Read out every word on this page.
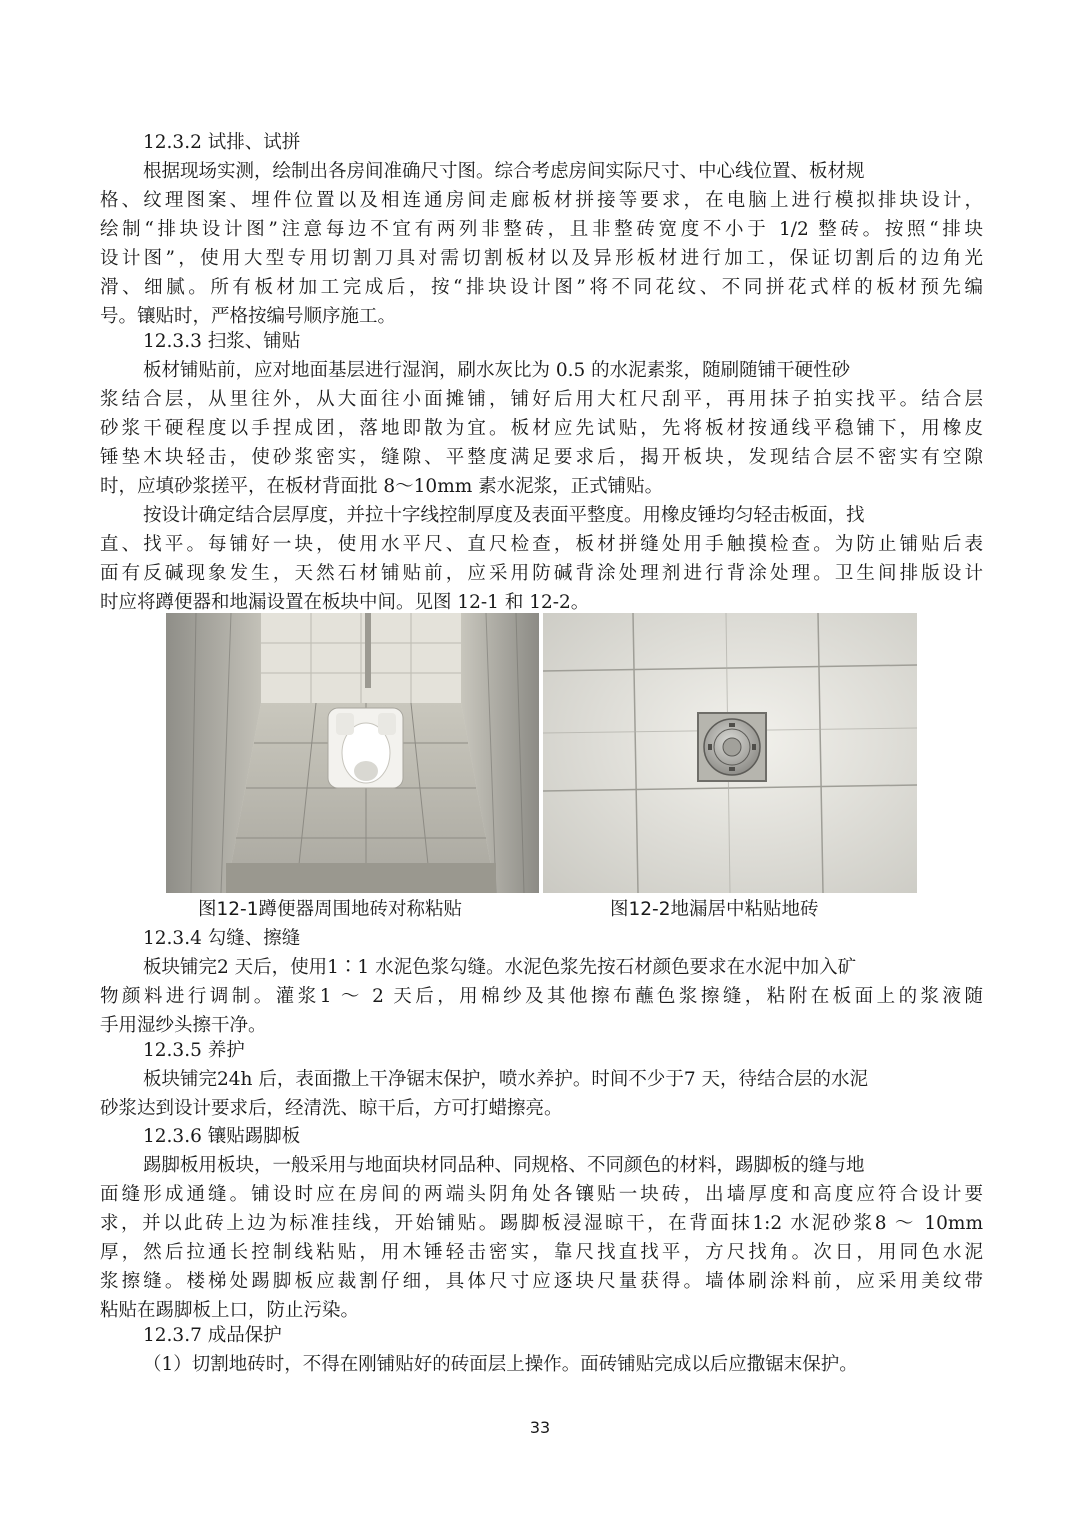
12.3.2 试排、试拼
根据现场实测，绘制出各房间准确尺寸图。综合考虑房间实际尺寸、中心线位置、板材规
格、纹理图案、埋件位置以及相连通房间走廊板材拼接等要求，在电脑上进行模拟排块设计，
绘制“排块设计图”注意每边不宜有两列非整砖，且非整砖宽度不小于 1/2 整砖。按照“排块
设计图”，使用大型专用切割刀具对需切割板材以及异形板材进行加工，保证切割后的边角光
滑、细腻。所有板材加工完成后，按“排块设计图”将不同花纹、不同拼花式样的板材预先编
号。镶贴时，严格按编号顺序施工。
12.3.3 扫浆、铺贴
板材铺贴前，应对地面基层进行湿润，刷水灰比为 0.5 的水泥素浆，随刷随铺干硬性砂
浆结合层，从里往外，从大面往小面摊铺，铺好后用大杠尺刮平，再用抹子拍实找平。结合层
砂浆干硬程度以手捏成团，落地即散为宜。板材应先试贴，先将板材按通线平稳铺下，用橡皮
锤垫木块轻击，使砂浆密实，缝隙、平整度满足要求后，揭开板块，发现结合层不密实有空隙
时，应填砂浆搓平，在板材背面批 8～10mm 素水泥浆，正式铺贴。
按设计确定结合层厚度，并拉十字线控制厚度及表面平整度。用橡皮锤均匀轻击板面，找
直、找平。每铺好一块，使用水平尺、直尺检查，板材拼缝处用手触摸检查。为防止铺贴后表
面有反碱现象发生，天然石材铺贴前，应采用防碱背涂处理剂进行背涂处理。卫生间排版设计
时应将蹲便器和地漏设置在板块中间。见图 12-1 和 12-2。
图12-1蹲便器周围地砖对称粘贴	图12-2地漏居中粘贴地砖
12.3.4 勾缝、擦缝
板块铺完2 天后，使用1∶1 水泥色浆勾缝。水泥色浆先按石材颜色要求在水泥中加入矿
物颜料进行调制。灌浆1 ～ 2 天后，用棉纱及其他擦布蘸色浆擦缝，粘附在板面上的浆液随
手用湿纱头擦干净。
12.3.5 养护
板块铺完24h 后，表面撒上干净锯末保护，喷水养护。时间不少于7 天，待结合层的水泥
砂浆达到设计要求后，经清洗、晾干后，方可打蜡擦亮。
12.3.6 镶贴踢脚板
踢脚板用板块，一般采用与地面块材同品种、同规格、不同颜色的材料，踢脚板的缝与地
面缝形成通缝。铺设时应在房间的两端头阴角处各镶贴一块砖，出墙厚度和高度应符合设计要
求，并以此砖上边为标准挂线，开始铺贴。踢脚板浸湿晾干，在背面抹1:2 水泥砂浆8 ～ 10mm
厚，然后拉通长控制线粘贴，用木锤轻击密实，靠尺找直找平，方尺找角。次日，用同色水泥
浆擦缝。楼梯处踢脚板应裁割仔细，具体尺寸应逐块尺量获得。墙体刷涂料前，应采用美纹带
粘贴在踢脚板上口，防止污染。
12.3.7 成品保护
（1）切割地砖时，不得在刚铺贴好的砖面层上操作。面砖铺贴完成以后应撒锯末保护。
33
